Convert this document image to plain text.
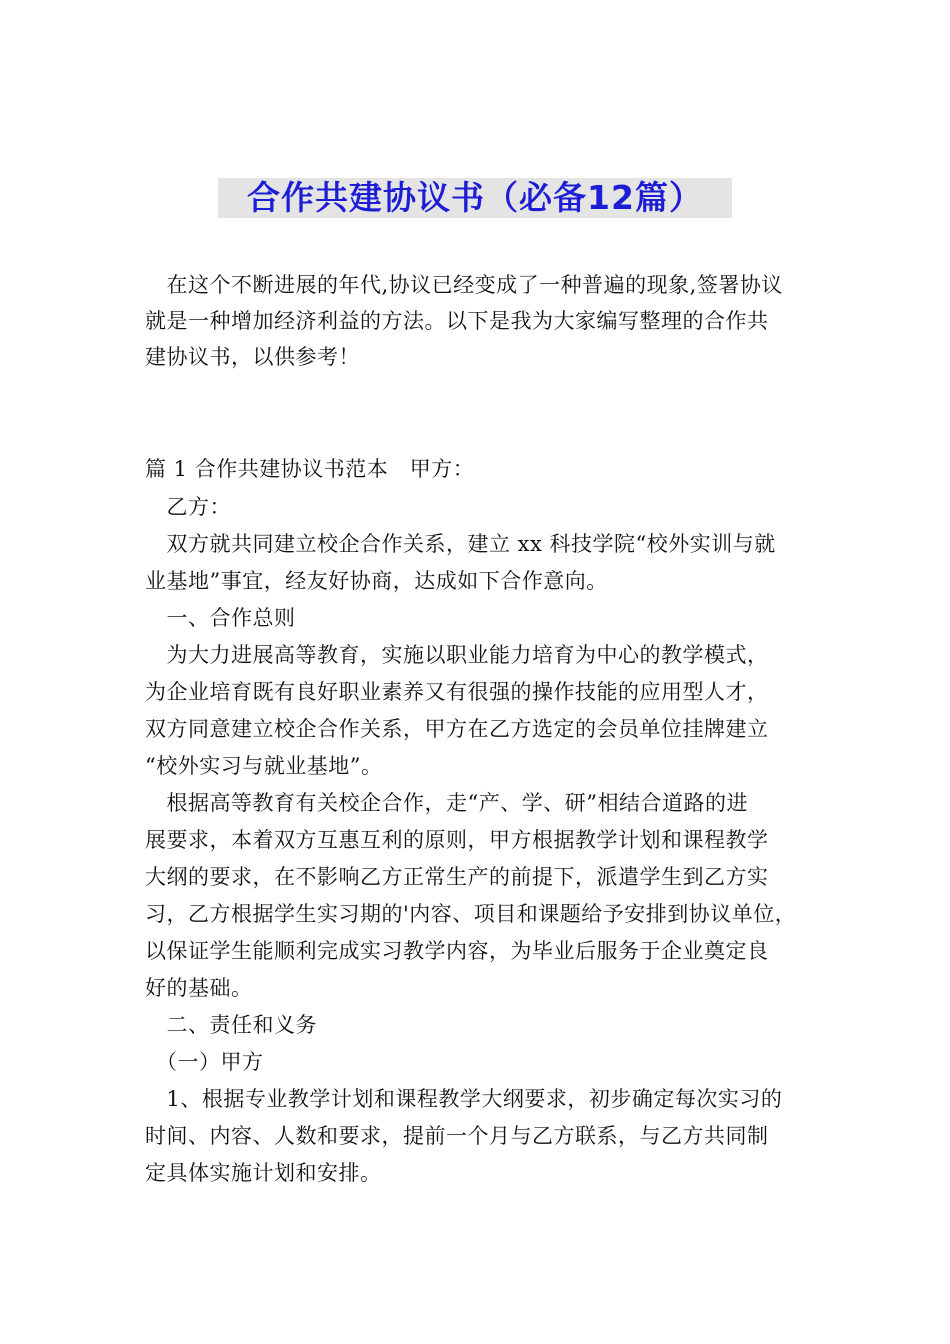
合作共建协议书（必备12篇）
　在这个不断进展的年代,协议已经变成了一种普遍的现象,签署协议
就是一种增加经济利益的方法。以下是我为大家编写整理的合作共
建协议书，以供参考！
篇 1 合作共建协议书范本　甲方：
　乙方：
　双方就共同建立校企合作关系，建立 xx 科技学院“校外实训与就
业基地”事宜，经友好协商，达成如下合作意向。
　一、合作总则
　为大力进展高等教育，实施以职业能力培育为中心的教学模式，
为企业培育既有良好职业素养又有很强的操作技能的应用型人才，
双方同意建立校企合作关系，甲方在乙方选定的会员单位挂牌建立
“校外实习与就业基地”。
　根据高等教育有关校企合作，走“产、学、研”相结合道路的进
展要求，本着双方互惠互利的原则，甲方根据教学计划和课程教学
大纲的要求，在不影响乙方正常生产的前提下，派遣学生到乙方实
习，乙方根据学生实习期的'内容、项目和课题给予安排到协议单位，
以保证学生能顺利完成实习教学内容，为毕业后服务于企业奠定良
好的基础。
　二、责任和义务
　（一）甲方
　1、根据专业教学计划和课程教学大纲要求，初步确定每次实习的
时间、内容、人数和要求，提前一个月与乙方联系，与乙方共同制
定具体实施计划和安排。
